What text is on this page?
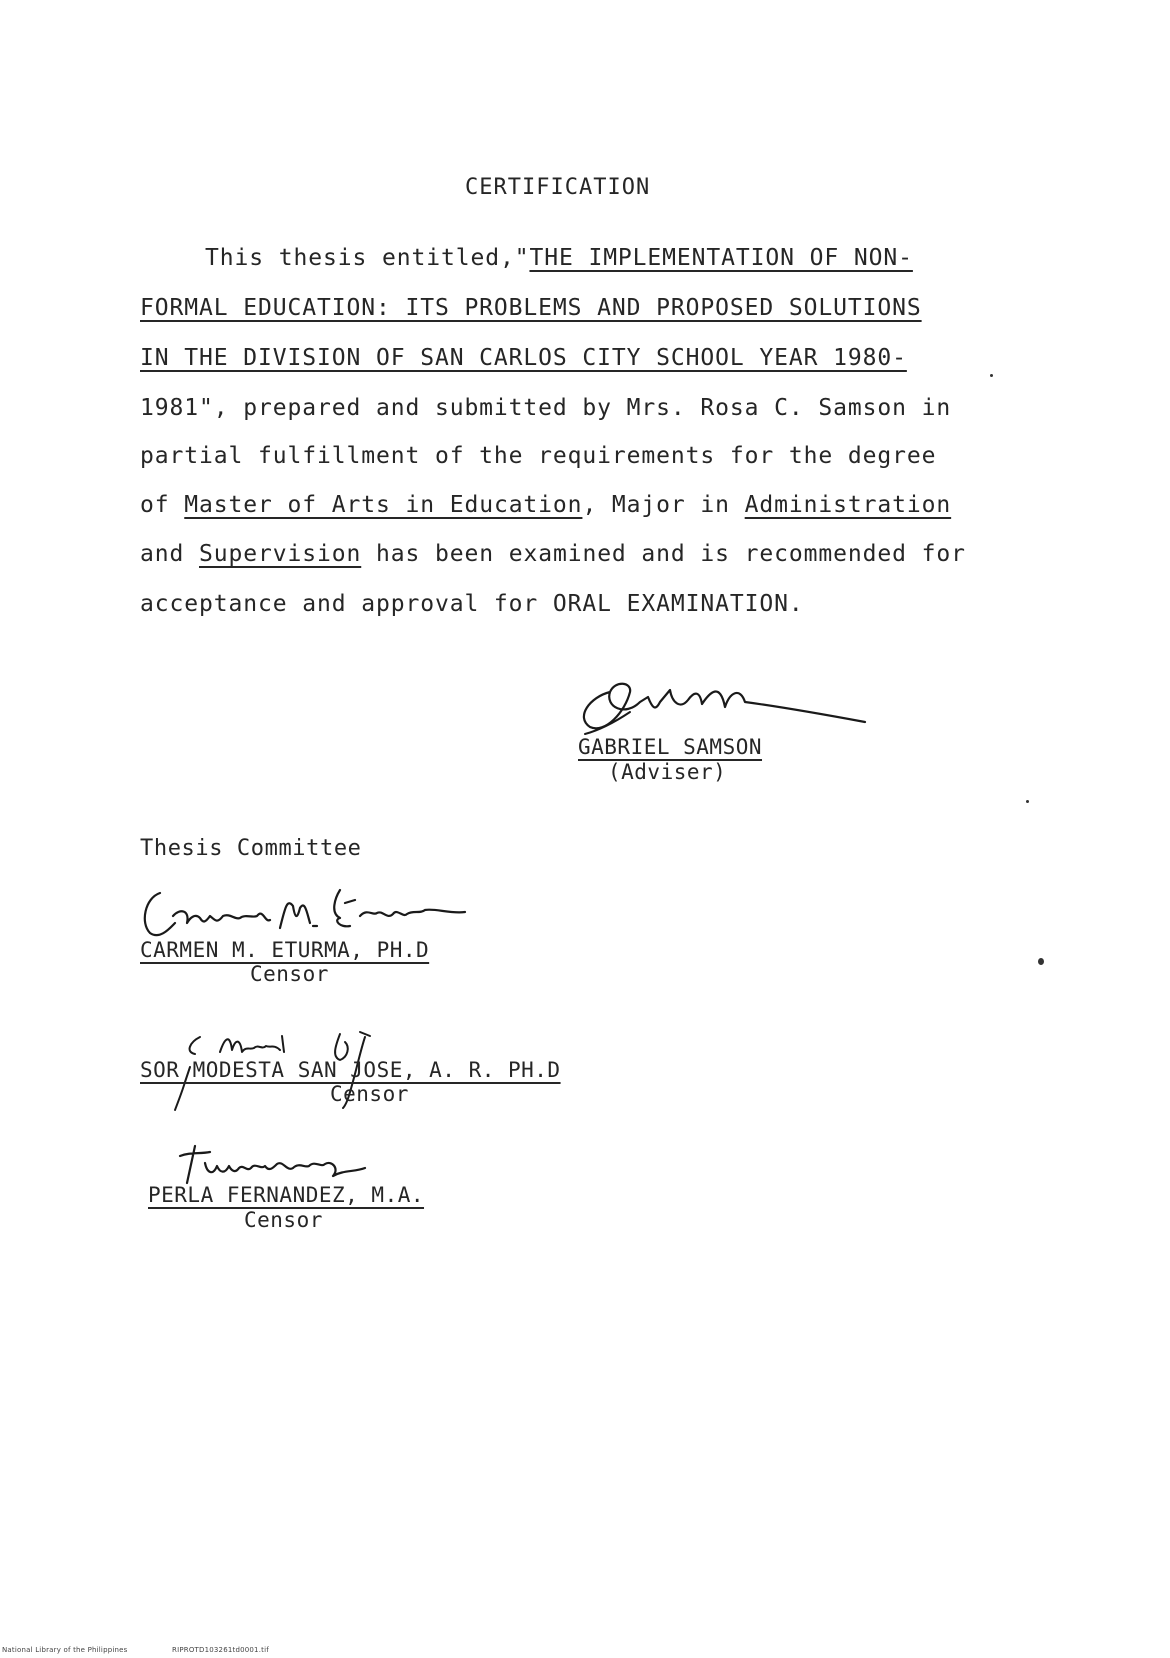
CERTIFICATION
This thesis entitled,"THE IMPLEMENTATION OF NON-
FORMAL EDUCATION: ITS PROBLEMS AND PROPOSED SOLUTIONS
IN THE DIVISION OF SAN CARLOS CITY SCHOOL YEAR 1980-
1981", prepared and submitted by Mrs. Rosa C. Samson in
partial fulfillment of the requirements for the degree
of Master of Arts in Education, Major in Administration
and Supervision has been examined and is recommended for
acceptance and approval for ORAL EXAMINATION.
GABRIEL SAMSON
(Adviser)
Thesis Committee
CARMEN M. ETURMA, PH.D
Censor
SOR MODESTA SAN JOSE, A. R. PH.D
Censor
PERLA FERNANDEZ, M.A.
Censor
National Library of the Philippines	RIPROTD103261td0001.tif
